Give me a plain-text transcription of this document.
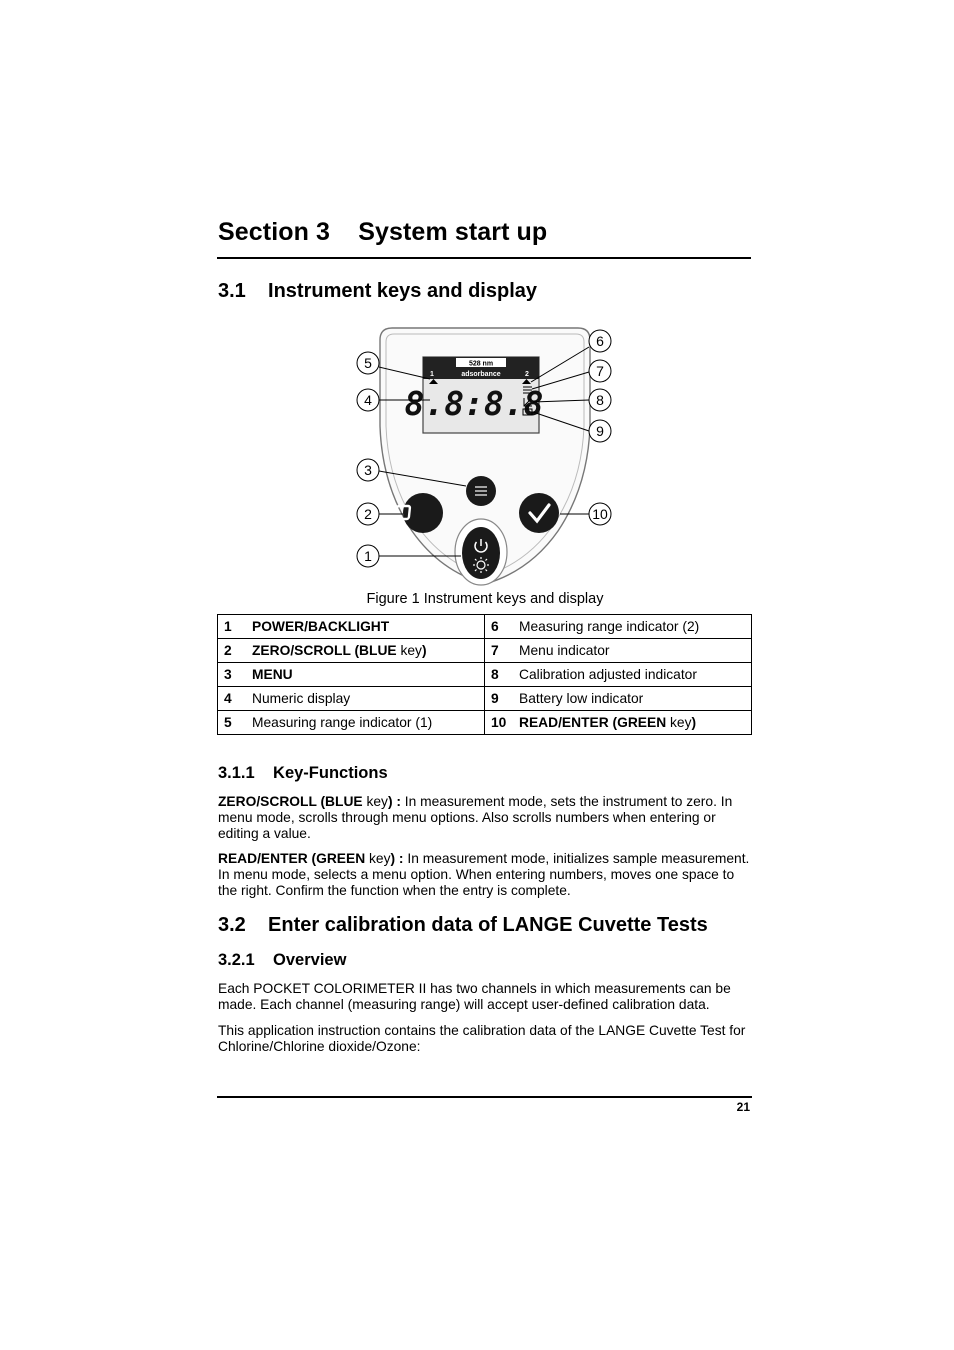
Section 3    System start up
3.1    Instrument keys and display
528 nm
adsorbance
1	2
8.8:8.8
5
4
3
2
1
6
7
8
9
10
Figure 1 Instrument keys and display
1	POWER/BACKLIGHT	6	Measuring range indicator (2)
2	ZERO/SCROLL (BLUE key)	7	Menu indicator
3	MENU	8	Calibration adjusted indicator
4	Numeric display	9	Battery low indicator
5	Measuring range indicator (1)	10	READ/ENTER (GREEN key)
3.1.1    Key-Functions

ZERO/SCROLL (BLUE key) : In measurement mode, sets the instrument to zero. In menu mode, scrolls through menu options. Also scrolls numbers when entering or editing a value.

READ/ENTER (GREEN key) : In measurement mode, initializes sample measurement. In menu mode, selects a menu option. When entering numbers, moves one space to the right. Confirm the function when the entry is complete.

3.2    Enter calibration data of LANGE Cuvette Tests
3.2.1    Overview

Each POCKET COLORIMETER II has two channels in which measurements can be made. Each channel (measuring range) will accept user-defined calibration data.

This application instruction contains the calibration data of the LANGE Cuvette Test for Chlorine/Chlorine dioxide/Ozone:

21
